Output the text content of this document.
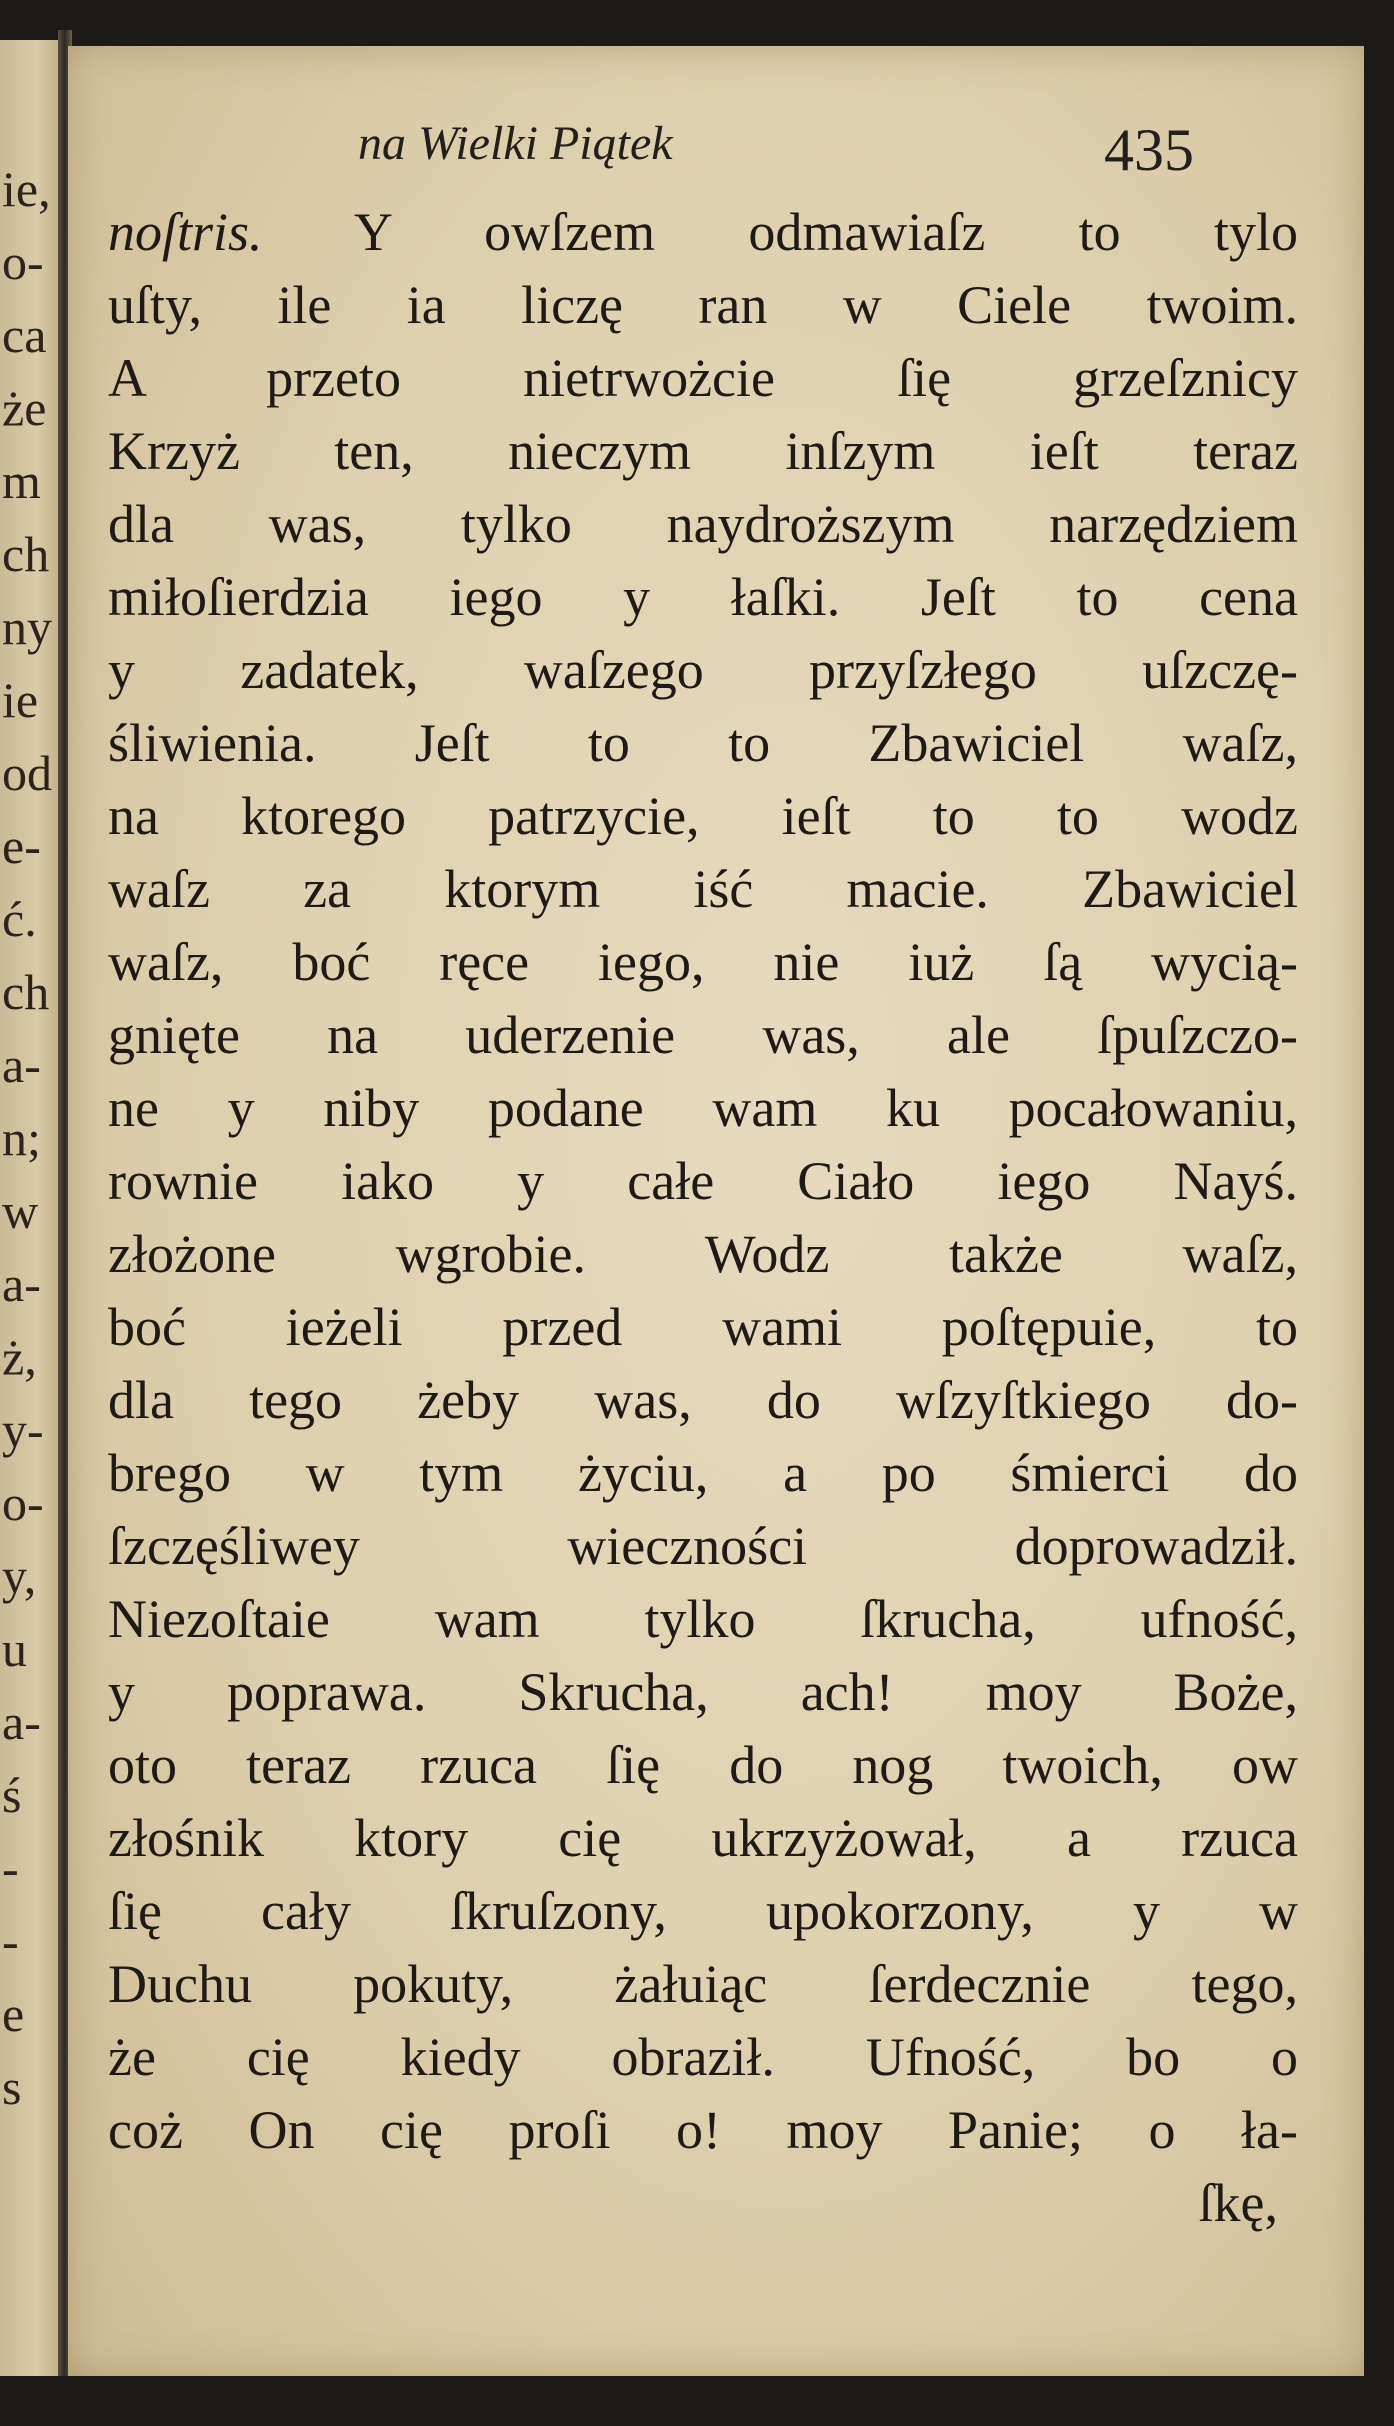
ie,
o-
ca
że
m
ch
ny
ie
od
e-
ć.
ch
a-
n;
w
a-
ż,
y-
o-
y,
u
a-
ś
-
-
e
s
na Wielki Piątek	435
noſtris. Y owſzem odmawiaſz to tylo
uſty, ile ia liczę ran w Ciele twoim.
A przeto nietrwożcie ſię grzeſznicy
Krzyż ten, nieczym inſzym ieſt teraz
dla was, tylko naydroższym narzędziem
miłoſierdzia iego y łaſki. Jeſt to cena
y zadatek, waſzego przyſzłego uſzczę-
śliwienia. Jeſt to to Zbawiciel waſz,
na ktorego patrzycie, ieſt to to wodz
waſz za ktorym iść macie. Zbawiciel
waſz, boć ręce iego, nie iuż ſą wycią-
gnięte na uderzenie was, ale ſpuſzczo-
ne y niby podane wam ku pocałowaniu,
rownie iako y całe Ciało iego Nayś.
złożone wgrobie. Wodz także waſz,
boć ieżeli przed wami poſtępuie, to
dla tego żeby was, do wſzyſtkiego do-
brego w tym życiu, a po śmierci do
ſzczęśliwey wieczności doprowadził.
Niezoſtaie wam tylko ſkrucha, ufność,
y poprawa. Skrucha, ach! moy Boże,
oto teraz rzuca ſię do nog twoich, ow
złośnik ktory cię ukrzyżował, a rzuca
ſię cały ſkruſzony, upokorzony, y w
Duchu pokuty, żałuiąc ſerdecznie tego,
że cię kiedy obraził. Ufność, bo o
coż On cię proſi o! moy Panie; o ła-
ſkę,
